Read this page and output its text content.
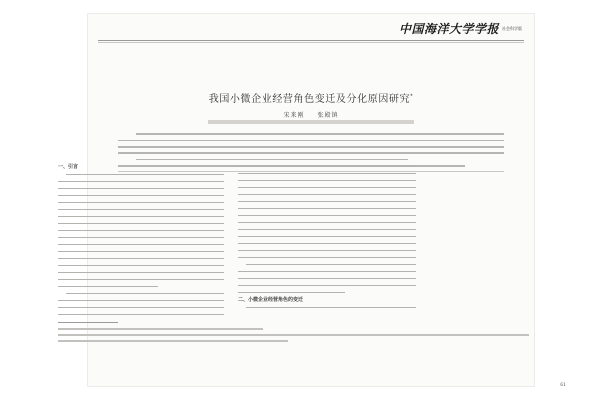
中国海洋大学学报 社会科学版
我国小微企业经营角色变迁及分化原因研究*
宋来刚 张殿镇
一、引言
二、小微企业经营角色的变迁
61
